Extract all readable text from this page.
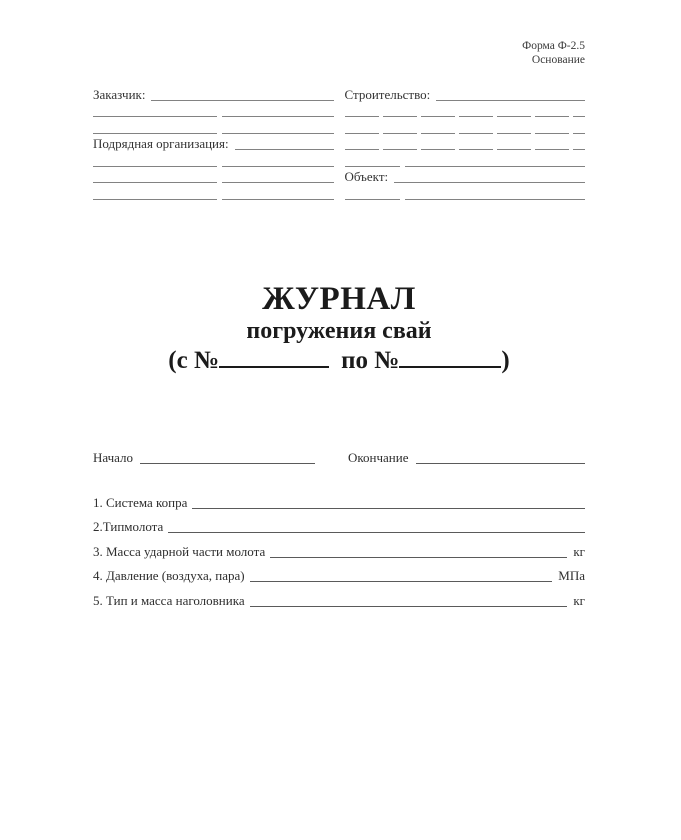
Форма Ф-2.5
Основание
Заказчик:
Подрядная организация:
Строительство:
Объект:
ЖУРНАЛ
погружения свай
(с №	по №	)
Начало	Окончание
1. Система копра
2.Типмолота
3. Масса ударной части молота	кг
4. Давление (воздуха, пара)	МПа
5. Тип и масса наголовника	кг
